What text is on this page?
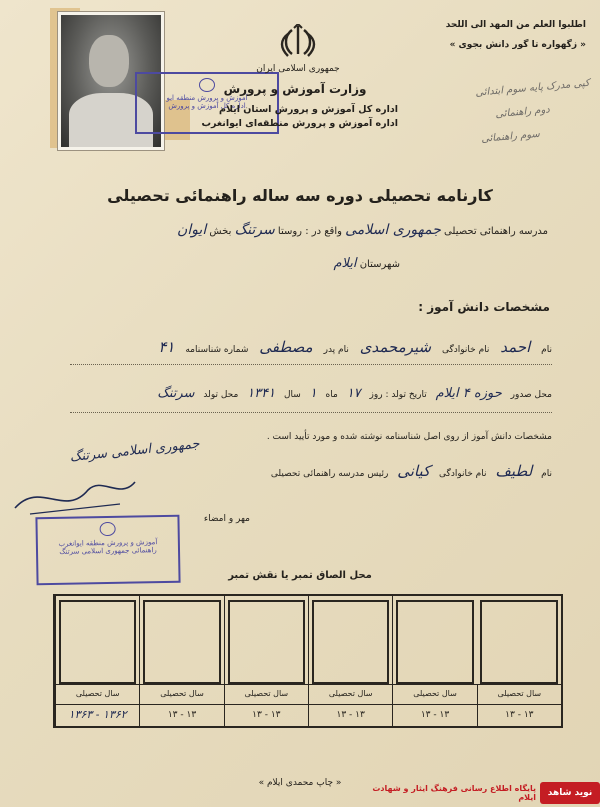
آموزش و پرورش منطقه ایو
اداره کل آموزش و پرورش
جمهوری اسلامی ایران
وزارت آموزش و پرورش
اداره کل آموزش و پرورش استان ایلام
اداره آموزش و پرورش منطقه‌ای ایوانغرب
اطلبوا العلم من المهد الی اللحد
« زگهواره تا گور دانش بجوی »
کپی مدرک پایه سوم ابتدائی
دوم راهنمائی
سوم راهنمائی
کارنامه تحصیلی دوره سه ساله راهنمائی تحصیلی
مدرسه راهنمائی تحصیلی جمهوری اسلامی واقع در : روستا سرتنگ بخش ایوان
شهرستان ایلام
مشخصات دانش آموز :
نام احمد نام خانوادگی شیرمحمدی نام پدر مصطفی شماره شناسنامه ۴۱
محل صدور حوزه ۴ ایلام تاریخ تولد : روز ۱۷ ماه ۱ سال ۱۳۴۱ محل تولد سرتنگ
مشخصات دانش آموز از روی اصل شناسنامه نوشته شده و مورد تأیید است .
نام لطیف نام خانوادگی کیانی رئیس مدرسه راهنمائی تحصیلی
جمهوری اسلامی سرتنگ
مهر و امضاء
آموزش و پرورش منطقه ایوانغرب
راهنمائی جمهوری اسلامی سرتنگ
محل الصاق تمبر یا نقش تمبر
سال تحصیلی
سال تحصیلی
سال تحصیلی
سال تحصیلی
سال تحصیلی
سال تحصیلی
۱۳ - ۱۳
۱۳ - ۱۳
۱۳ - ۱۳
۱۳ - ۱۳
۱۳ - ۱۳
۱۳۶۲ - ۱۳۶۳
« چاپ محمدی ایلام »
نوید شاهد
پایگاه اطلاع رسانی فرهنگ ایثار و شهادت ایلام
